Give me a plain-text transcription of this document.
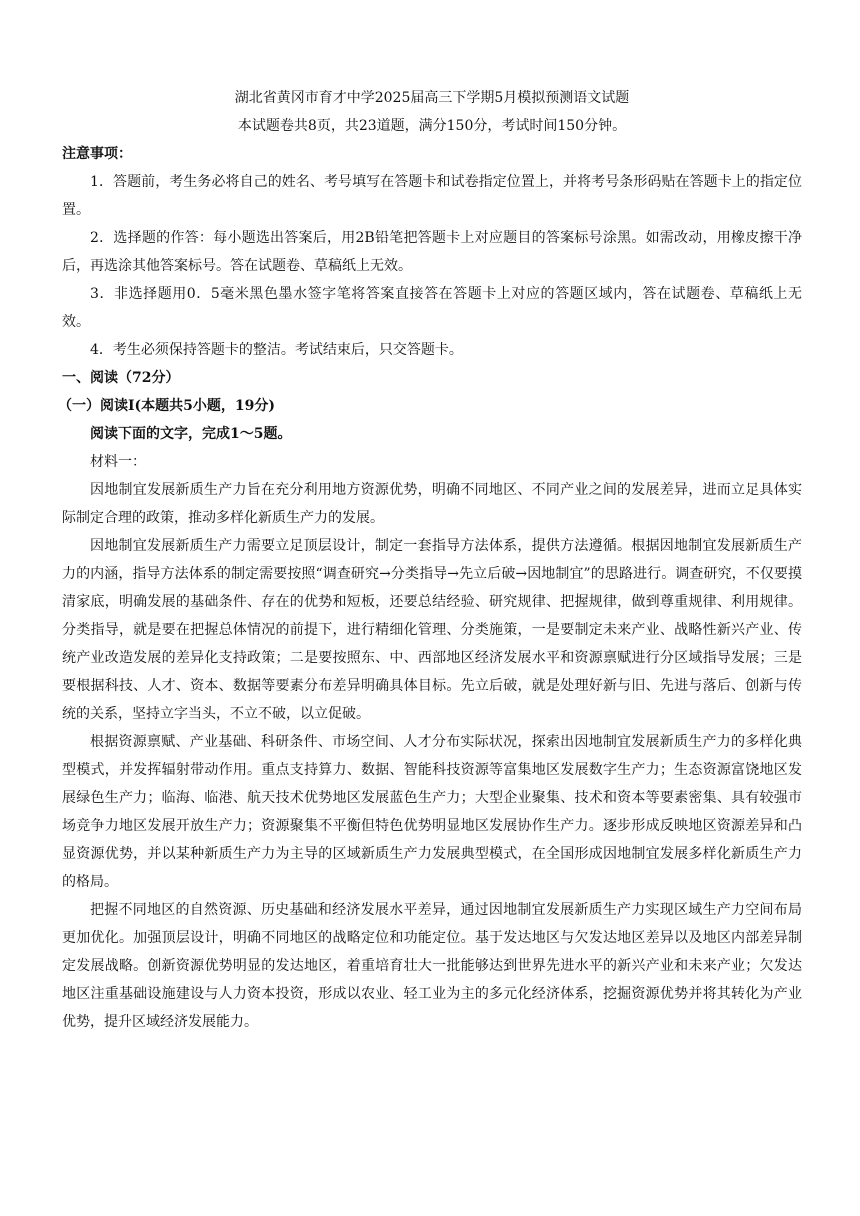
湖北省黄冈市育才中学2025届高三下学期5月模拟预测语文试题

本试题卷共8页，共23道题，满分150分，考试时间150分钟。

注意事项：

1．答题前，考生务必将自己的姓名、考号填写在答题卡和试卷指定位置上，并将考号条形码贴在答题卡上的指定位置。

2．选择题的作答：每小题选出答案后，用2B铅笔把答题卡上对应题目的答案标号涂黑。如需改动，用橡皮擦干净后，再选涂其他答案标号。答在试题卷、草稿纸上无效。

3．非选择题用0．5毫米黑色墨水签字笔将答案直接答在答题卡上对应的答题区域内，答在试题卷、草稿纸上无效。

4．考生必须保持答题卡的整洁。考试结束后，只交答题卡。

一、阅读（72分）

（一）阅读Ⅰ(本题共5小题，19分)

阅读下面的文字，完成1～5题。

材料一：

因地制宜发展新质生产力旨在充分利用地方资源优势，明确不同地区、不同产业之间的发展差异，进而立足具体实际制定合理的政策，推动多样化新质生产力的发展。

因地制宜发展新质生产力需要立足顶层设计，制定一套指导方法体系，提供方法遵循。根据因地制宜发展新质生产力的内涵，指导方法体系的制定需要按照“调查研究→分类指导→先立后破→因地制宜”的思路进行。调查研究，不仅要摸清家底，明确发展的基础条件、存在的优势和短板，还要总结经验、研究规律、把握规律，做到尊重规律、利用规律。分类指导，就是要在把握总体情况的前提下，进行精细化管理、分类施策，一是要制定未来产业、战略性新兴产业、传统产业改造发展的差异化支持政策；二是要按照东、中、西部地区经济发展水平和资源禀赋进行分区域指导发展；三是要根据科技、人才、资本、数据等要素分布差异明确具体目标。先立后破，就是处理好新与旧、先进与落后、创新与传统的关系，坚持立字当头，不立不破，以立促破。

根据资源禀赋、产业基础、科研条件、市场空间、人才分布实际状况，探索出因地制宜发展新质生产力的多样化典型模式，并发挥辐射带动作用。重点支持算力、数据、智能科技资源等富集地区发展数字生产力；生态资源富饶地区发展绿色生产力；临海、临港、航天技术优势地区发展蓝色生产力；大型企业聚集、技术和资本等要素密集、具有较强市场竞争力地区发展开放生产力；资源聚集不平衡但特色优势明显地区发展协作生产力。逐步形成反映地区资源差异和凸显资源优势，并以某种新质生产力为主导的区域新质生产力发展典型模式，在全国形成因地制宜发展多样化新质生产力的格局。

把握不同地区的自然资源、历史基础和经济发展水平差异，通过因地制宜发展新质生产力实现区域生产力空间布局更加优化。加强顶层设计，明确不同地区的战略定位和功能定位。基于发达地区与欠发达地区差异以及地区内部差异制定发展战略。创新资源优势明显的发达地区，着重培育壮大一批能够达到世界先进水平的新兴产业和未来产业；欠发达地区注重基础设施建设与人力资本投资，形成以农业、轻工业为主的多元化经济体系，挖掘资源优势并将其转化为产业优势，提升区域经济发展能力。
